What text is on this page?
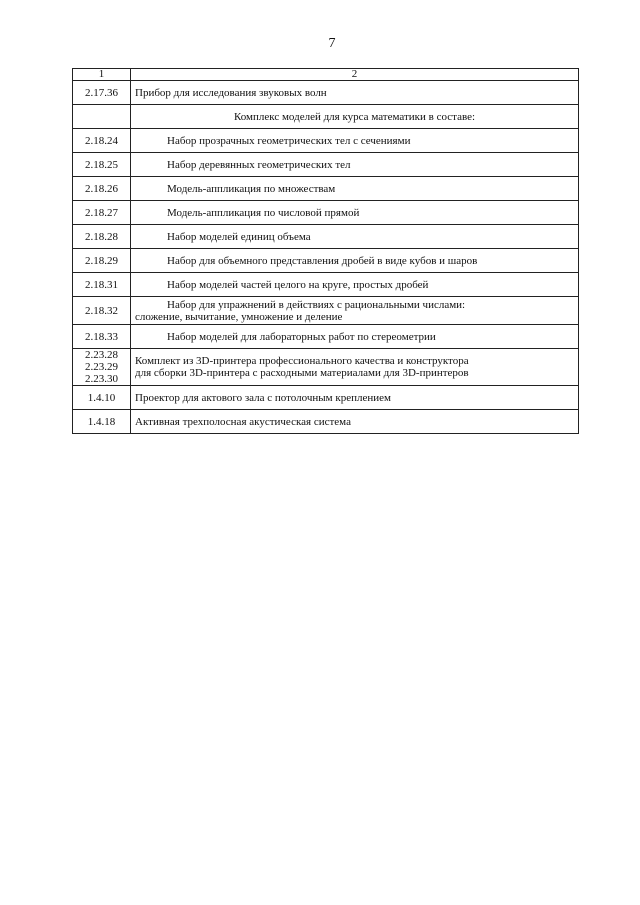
7
1	2
2.17.36	Прибор для исследования звуковых волн
	Комплекс моделей для курса математики в составе:
2.18.24	Набор прозрачных геометрических тел с сечениями
2.18.25	Набор деревянных геометрических тел
2.18.26	Модель-аппликация по множествам
2.18.27	Модель-аппликация по числовой прямой
2.18.28	Набор моделей единиц объема
2.18.29	Набор для объемного представления дробей в виде кубов и шаров
2.18.31	Набор моделей частей целого на круге, простых дробей
2.18.32	Набор для упражнений в действиях с рациональными числами:
сложение, вычитание, умножение и деление

2.18.33	Набор моделей для лабораторных работ по стереометрии

2.23.28
2.23.29
2.23.30	Комплект из 3D-принтера профессионального качества и конструктора
для сборки 3D-принтера с расходными материалами для 3D-принтеров

1.4.10	Проектор для актового зала с потолочным креплением
1.4.18	Активная трехполосная акустическая система
